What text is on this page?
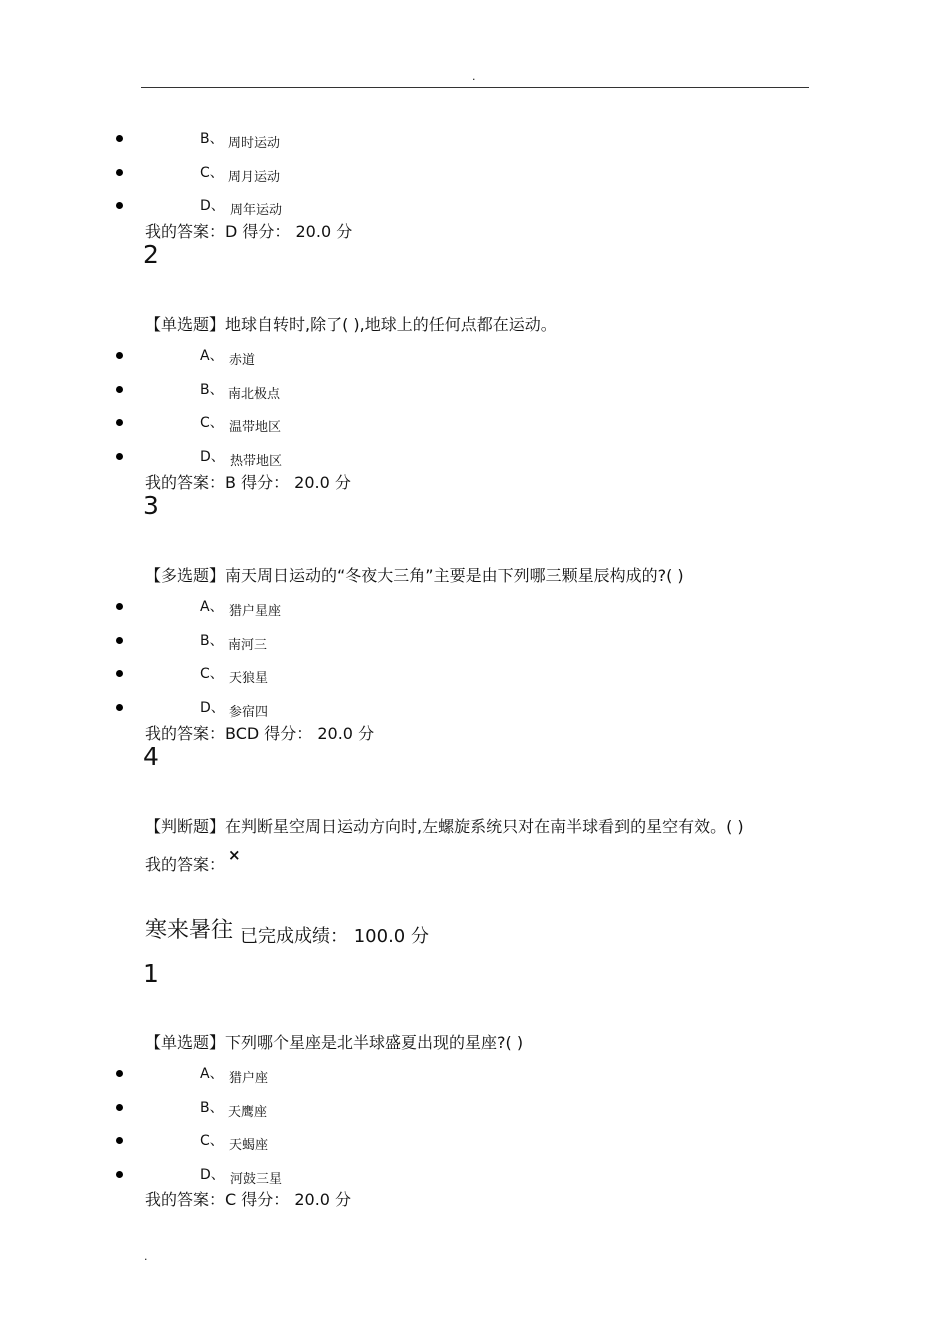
.
B、 周时运动
C、 周月运动
D、 周年运动
我的答案：D 得分： 20.0 分
2
【单选题】地球自转时,除了( ),地球上的任何点都在运动。
A、 赤道
B、 南北极点
C、 温带地区
D、 热带地区
我的答案：B 得分： 20.0 分
3
【多选题】南天周日运动的“冬夜大三角”主要是由下列哪三颗星辰构成的?( )
A、 猎户星座
B、 南河三
C、 天狼星
D、 参宿四
我的答案：BCD 得分： 20.0 分
4
【判断题】在判断星空周日运动方向时,左螺旋系统只对在南半球看到的星空有效。( )
我的答案： ×
寒来暑往 已完成成绩： 100.0 分
1
【单选题】下列哪个星座是北半球盛夏出现的星座?( )
A、 猎户座
B、 天鹰座
C、 天蝎座
D、 河鼓三星
我的答案：C 得分： 20.0 分
.
